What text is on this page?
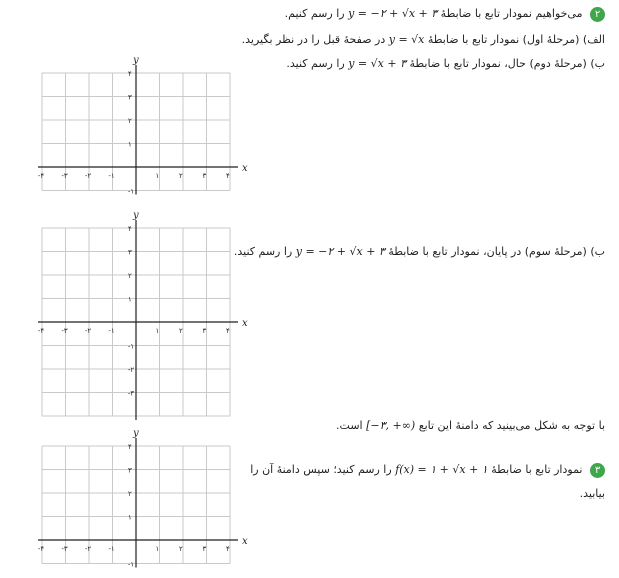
۲ می‌خواهیم نمودار تابع با ضابطهٔ y = −۲ + √x + ۳ را رسم کنیم.
الف) (مرحلهٔ اول) نمودار تابع با ضابطهٔ y = √x در صفحهٔ قبل را در نظر بگیرید.
ب) (مرحلهٔ دوم) حال، نمودار تابع با ضابطهٔ y = √x + ۳ را رسم کنید.
ب) (مرحلهٔ سوم) در پایان، نمودار تابع با ضابطهٔ y = −۲ + √x + ۳ را رسم کنید.
با توجه به شکل می‌بینید که دامنهٔ این تابع [−۳, +∞) است.
۳ نمودار تابع با ضابطهٔ f(x) = ۱ + √x + ۱ را رسم کنید؛ سپس دامنهٔ آن را
بیابید.
x
y
-۴ -۳ -۲ -۱	۱	۲	۳	۴
۴
۳
۲
۱
-۱
x
y
-۴ -۳ -۲ -۱	۱	۲	۳	۴
۴
۳
۲
۱
-۱
-۲
-۳
x
y
-۴ -۳ -۲ -۱	۱	۲	۳	۴
۴
۳
۲
۱
-۱
